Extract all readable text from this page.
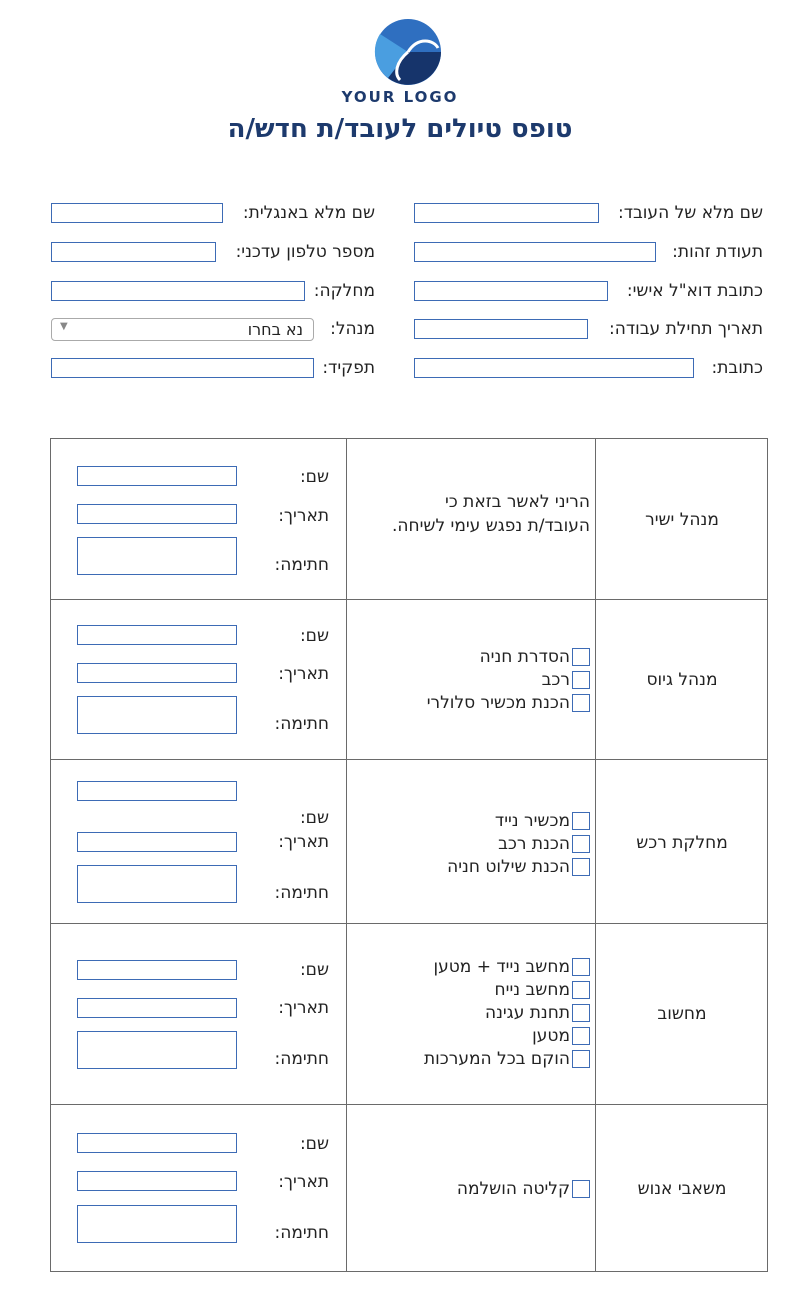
YOUR LOGO
טופס טיולים לעובד/ת חדש/ה
שם מלא של העובד:
תעודת זהות:
כתובת דוא"ל אישי:
תאריך תחילת עבודה:
כתובת:
שם מלא באנגלית:
מספר טלפון עדכני:
מחלקה:
מנהל:
נא בחרו
▼
תפקיד:
מנהל ישיר
הריני לאשר בזאת כי
העובד/ת נפגש עימי לשיחה.
שם:
תאריך:
חתימה:
מנהל גיוס
הסדרת חניה
רכב
הכנת מכשיר סלולרי
שם:
תאריך:
חתימה:
מחלקת רכש
מכשיר נייד
הכנת רכב
הכנת שילוט חניה
שם:
תאריך:
חתימה:
מחשוב
מחשב נייד + מטען
מחשב נייח
תחנת עגינה
מטען
הוקם בכל המערכות
שם:
תאריך:
חתימה:
משאבי אנוש
קליטה הושלמה
שם:
תאריך:
חתימה:
